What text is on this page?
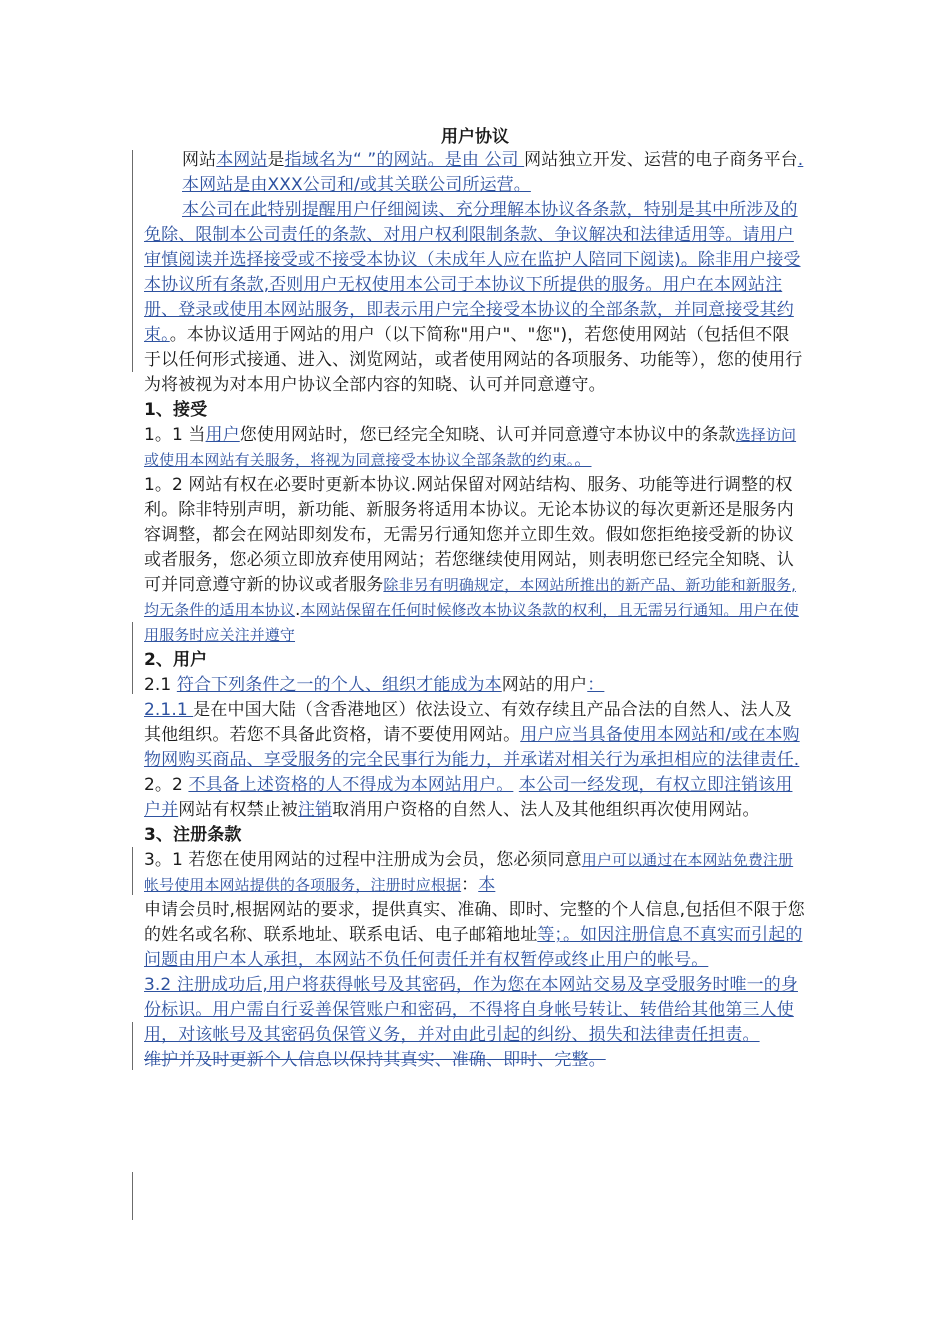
用户协议

网站本网站是指域名为“ ”的网站。是由 公司 网站独立开发、运营的电子商务平台.

本网站是由XXX公司和/或其关联公司所运营。

本公司在此特别提醒用户仔细阅读、充分理解本协议各条款，特别是其中所涉及的免除、限制本公司责任的条款、对用户权利限制条款、争议解决和法律适用等。请用户审慎阅读并选择接受或不接受本协议（未成年人应在监护人陪同下阅读)。除非用户接受本协议所有条款,否则用户无权使用本公司于本协议下所提供的服务。用户在本网站注册、登录或使用本网站服务，即表示用户完全接受本协议的全部条款，并同意接受其约束。。本协议适用于网站的用户（以下简称"用户"、"您")，若您使用网站（包括但不限于以任何形式接通、进入、浏览网站，或者使用网站的各项服务、功能等），您的使用行为将被视为对本用户协议全部内容的知晓、认可并同意遵守。

1、接受

1。1 当用户您使用网站时，您已经完全知晓、认可并同意遵守本协议中的条款选择访问或使用本网站有关服务，将视为同意接受本协议全部条款的约束。。

1。2 网站有权在必要时更新本协议.网站保留对网站结构、服务、功能等进行调整的权利。除非特别声明，新功能、新服务将适用本协议。无论本协议的每次更新还是服务内容调整，都会在网站即刻发布，无需另行通知您并立即生效。假如您拒绝接受新的协议或者服务，您必须立即放弃使用网站；若您继续使用网站，则表明您已经完全知晓、认可并同意遵守新的协议或者服务除非另有明确规定，本网站所推出的新产品、新功能和新服务,均无条件的适用本协议.本网站保留在任何时候修改本协议条款的权利，且无需另行通知。用户在使用服务时应关注并遵守

2、用户

2.1 符合下列条件之一的个人、组织才能成为本网站的用户：

2.1.1 是在中国大陆（含香港地区）依法设立、有效存续且产品合法的自然人、法人及其他组织。若您不具备此资格，请不要使用网站。用户应当具备使用本网站和/或在本购物网购买商品、享受服务的完全民事行为能力，并承诺对相关行为承担相应的法律责任.

2。2 不具备上述资格的人不得成为本网站用户。 本公司一经发现，有权立即注销该用户并网站有权禁止被注销取消用户资格的自然人、法人及其他组织再次使用网站。

3、注册条款

3。1 若您在使用网站的过程中注册成为会员，您必须同意用户可以通过在本网站免费注册帐号使用本网站提供的各项服务，注册时应根据：本
申请会员时,根据网站的要求，提供真实、准确、即时、完整的个人信息,包括但不限于您的姓名或名称、联系地址、联系电话、电子邮箱地址等；。如因注册信息不真实而引起的问题由用户本人承担，本网站不负任何责任并有权暂停或终止用户的帐号。

3.2 注册成功后,用户将获得帐号及其密码，作为您在本网站交易及享受服务时唯一的身份标识。用户需自行妥善保管账户和密码，不得将自身帐号转让、转借给其他第三人使用，对该帐号及其密码负保管义务，并对由此引起的纠纷、损失和法律责任担责。

维护并及时更新个人信息以保持其真实、准确、即时、完整。
